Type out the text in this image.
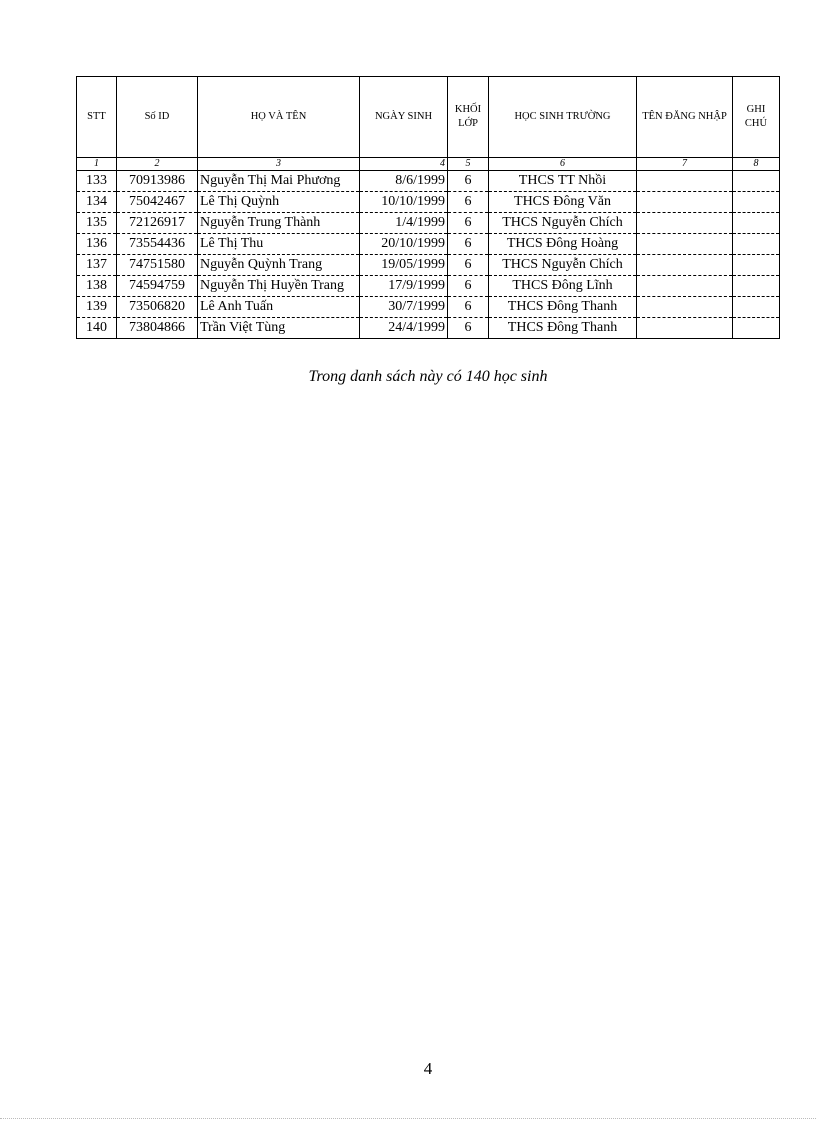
STT	Số ID	HỌ VÀ TÊN	NGÀY SINH	KHỐI LỚP	HỌC SINH TRƯỜNG	TÊN ĐĂNG NHẬP	GHI CHÚ
1	2	3	4	5	6	7	8
133	70913986	Nguyễn Thị Mai Phương	8/6/1999	6	THCS TT Nhồi		
134	75042467	Lê Thị Quỳnh	10/10/1999	6	THCS Đông Văn		
135	72126917	Nguyễn Trung Thành	1/4/1999	6	THCS Nguyễn Chích		
136	73554436	Lê Thị Thu	20/10/1999	6	THCS Đông Hoàng		
137	74751580	Nguyễn Quỳnh Trang	19/05/1999	6	THCS Nguyễn Chích		
138	74594759	Nguyễn Thị Huyền Trang	17/9/1999	6	THCS Đông Lĩnh		
139	73506820	Lê Anh Tuấn	30/7/1999	6	THCS Đông Thanh		
140	73804866	Trần Việt Tùng	24/4/1999	6	THCS Đông Thanh		
Trong danh sách này có 140 học sinh
4
